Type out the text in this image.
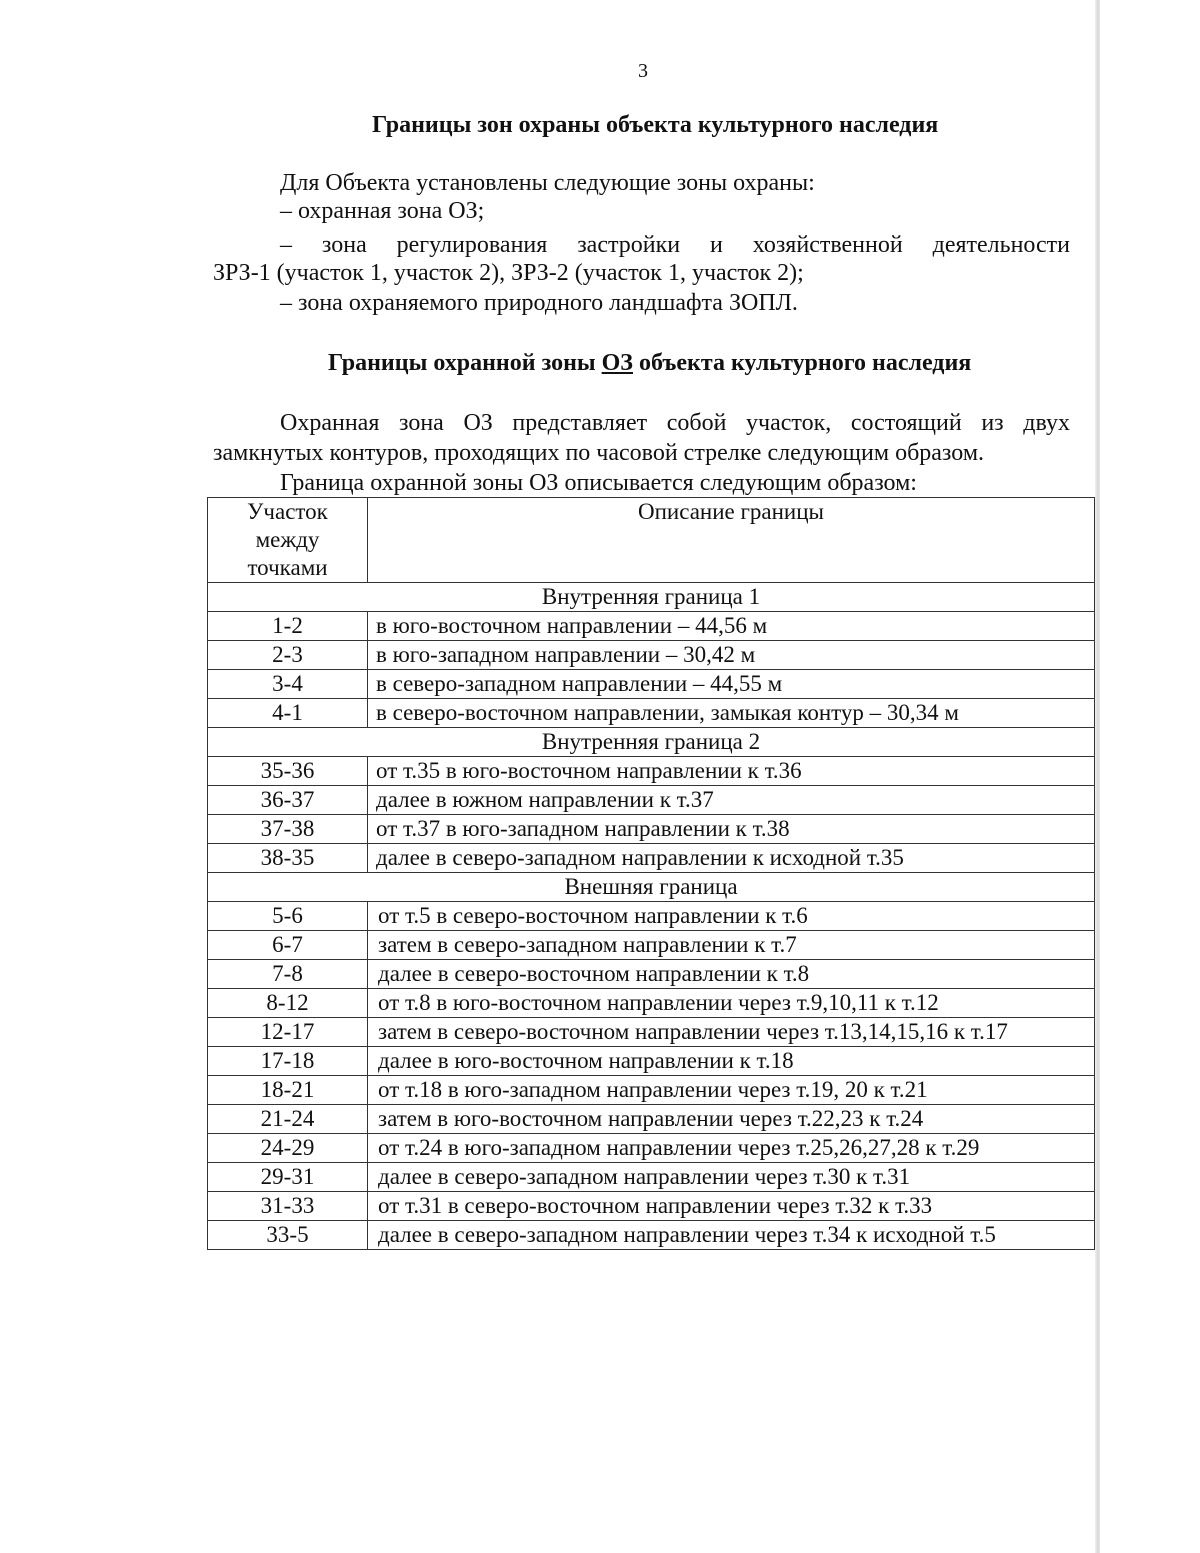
3
Границы зон охраны объекта культурного наследия
Для Объекта установлены следующие зоны охраны:
– охранная зона ОЗ;
– зона регулирования застройки и хозяйственной деятельности
ЗРЗ-1 (участок 1, участок 2), ЗРЗ-2 (участок 1, участок 2);
– зона охраняемого природного ландшафта ЗОПЛ.
Границы охранной зоны ОЗ объекта культурного наследия
Охранная зона ОЗ представляет собой участок, состоящий из двух
замкнутых контуров, проходящих по часовой стрелке следующим образом.
Граница охранной зоны ОЗ описывается следующим образом:
Участок
между
точками	Описание границы
Внутренняя граница 1	
1-2	в юго-восточном направлении – 44,56 м
2-3	в юго-западном направлении – 30,42 м
3-4	в северо-западном направлении – 44,55 м
4-1	в северо-восточном направлении, замыкая контур – 30,34 м
Внутренняя граница 2	
35-36	от т.35 в юго-восточном направлении к т.36
36-37	далее в южном направлении к т.37
37-38	от т.37 в юго-западном направлении к т.38
38-35	далее в северо-западном направлении к исходной т.35
Внешняя граница	
5-6	от т.5 в северо-восточном направлении к т.6
6-7	затем в северо-западном направлении к т.7
7-8	далее в северо-восточном направлении к т.8
8-12	от т.8 в юго-восточном направлении через т.9,10,11 к т.12
12-17	затем в северо-восточном направлении через т.13,14,15,16 к т.17
17-18	далее в юго-восточном направлении к т.18
18-21	от т.18 в юго-западном направлении через т.19, 20 к т.21
21-24	затем в юго-восточном направлении через т.22,23 к т.24
24-29	от т.24 в юго-западном направлении через т.25,26,27,28 к т.29
29-31	далее в северо-западном направлении через т.30 к т.31
31-33	от т.31 в северо-восточном направлении через т.32 к т.33
33-5	далее в северо-западном направлении через т.34 к исходной т.5
